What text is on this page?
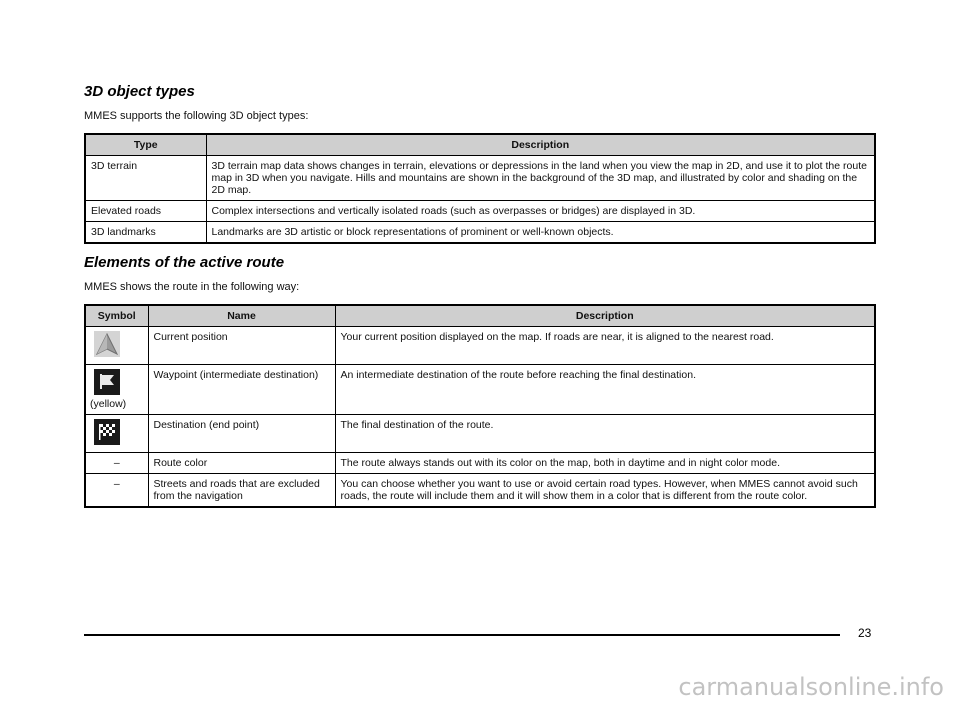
3D object types

MMES supports the following 3D object types:

Type	Description
3D terrain	3D terrain map data shows changes in terrain, elevations or depressions in the land when you view the map in 2D, and use it to plot the route map in 3D when you navigate. Hills and mountains are shown in the background of the 3D map, and illustrated by color and shading on the 2D map.
Elevated roads	Complex intersections and vertically isolated roads (such as overpasses or bridges) are displayed in 3D.
3D landmarks	Landmarks are 3D artistic or block representations of prominent or well-known objects.
Elements of the active route

MMES shows the route in the following way:

Symbol	Name	Description

	Current position	Your current position displayed on the map. If roads are near, it is aligned to the nearest road.

(yellow)	Waypoint (intermediate destination)	An intermediate destination of the route before reaching the final destination.

	Destination (end point)	The final destination of the route.
–	Route color	The route always stands out with its color on the map, both in daytime and in night color mode.
–	Streets and roads that are excluded from the navigation	You can choose whether you want to use or avoid certain road types. However, when MMES cannot avoid such roads, the route will include them and it will show them in a color that is different from the route color.
23
carmanualsonline.info
